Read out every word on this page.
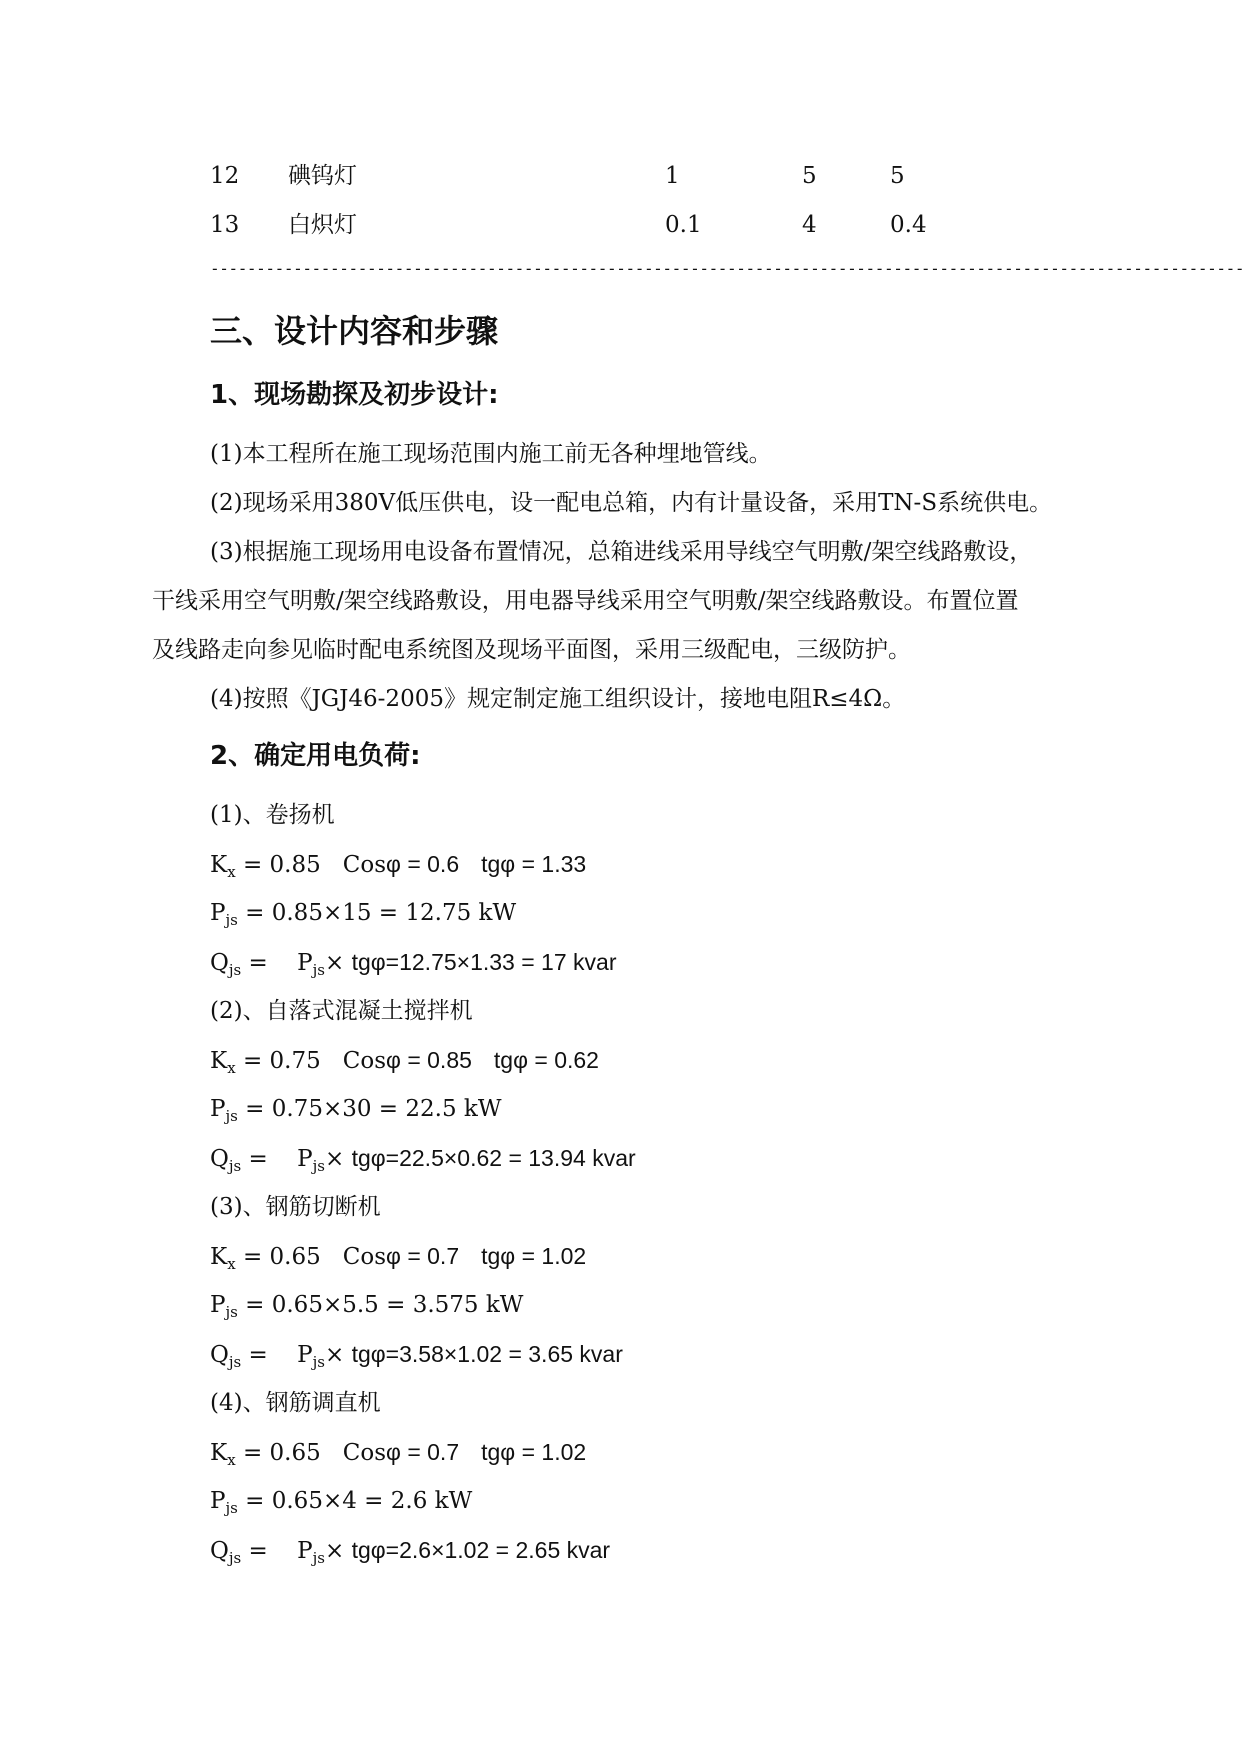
12 碘钨灯	1	5	5
13 白炽灯	0.1	4	0.4
----------------------------------------------------------------------------------------------------------------
三、设计内容和步骤
1、现场勘探及初步设计:
(1)本工程所在施工现场范围内施工前无各种埋地管线。
(2)现场采用380V低压供电，设一配电总箱，内有计量设备，采用TN-S系统供电。
(3)根据施工现场用电设备布置情况，总箱进线采用导线空气明敷/架空线路敷设，
干线采用空气明敷/架空线路敷设，用电器导线采用空气明敷/架空线路敷设。布置位置
及线路走向参见临时配电系统图及现场平面图，采用三级配电，三级防护。
(4)按照《JGJ46-2005》规定制定施工组织设计，接地电阻R≤4Ω。
2、确定用电负荷:
(1)、卷扬机
$K_x = 0.85$ Cosφ = 0.6 tgφ = 1.33
$P_{js} = 0.85\times 15 = 12.75$ kW
$Q_{js} = P_{js}\times tg\varphi=12.75\times 1.33 = 17$ kvar
(2)、自落式混凝土搅拌机
$K_x = 0.75$ Cosφ = 0.85 tgφ = 0.62
$P_{js} = 0.75\times 30 = 22.5$ kW
$Q_{js} = P_{js}\times tg\varphi=22.5\times 0.62 = 13.94$ kvar
(3)、钢筋切断机
$K_x = 0.65$ Cosφ = 0.7 tgφ = 1.02
$P_{js} = 0.65\times 5.5 = 3.575$ kW
$Q_{js} = P_{js}\times tg\varphi=3.58\times 1.02 = 3.65$ kvar
(4)、钢筋调直机
$K_x = 0.65$ Cosφ = 0.7 tgφ = 1.02
$P_{js} = 0.65\times 4 = 2.6$ kW
$Q_{js} = P_{js}\times tg\varphi=2.6\times 1.02 = 2.65$ kvar
